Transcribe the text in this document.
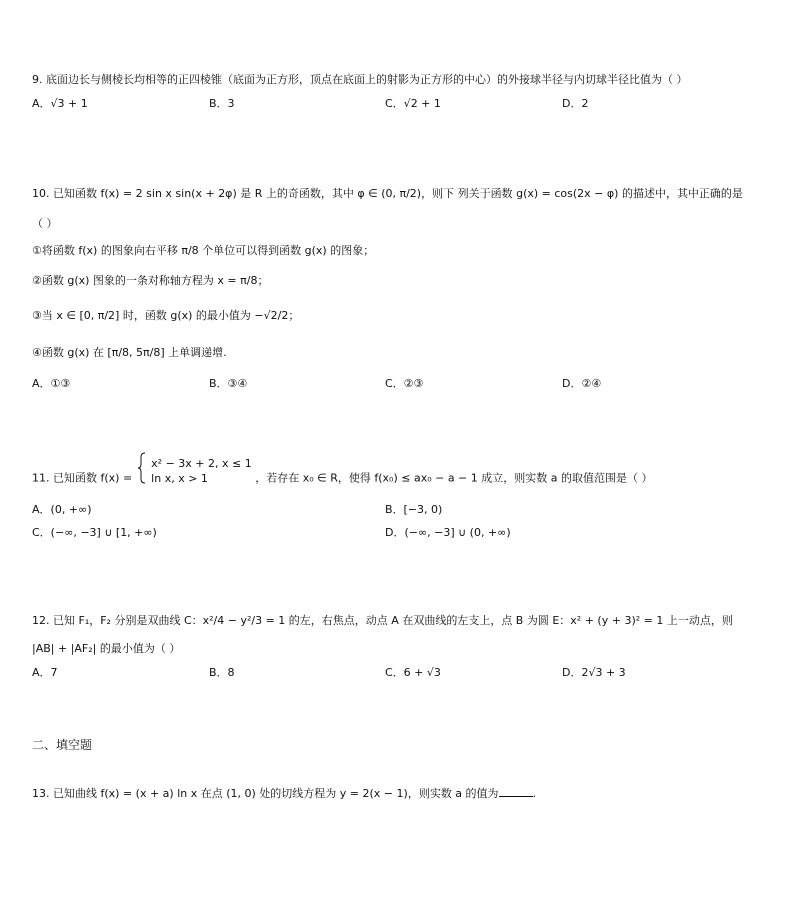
9. 底面边长与侧棱长均相等的正四棱锥（底面为正方形，顶点在底面上的射影为正方形的中心）的外接球半径与内切球半径比值为（ ）
A．√3 + 1	B．3	C．√2 + 1	D．2
10. 已知函数 f(x) = 2 sin x sin(x + 2φ) 是 R 上的奇函数，其中 φ ∈ (0, π/2)，则下 列关于函数 g(x) = cos(2x − φ) 的描述中，其中正确的是
（ ）
①将函数 f(x) 的图象向右平移 π/8 个单位可以得到函数 g(x) 的图象；
②函数 g(x) 图象的一条对称轴方程为 x = π/8；
③当 x ∈ [0, π/2] 时，函数 g(x) 的最小值为 −√2/2；
④函数 g(x) 在 [π/8, 5π/8] 上单调递增.
A．①③	B．③④	C．②③	D．②④
11. 已知函数 f(x) =
x² − 3x + 2, x ≤ 1
ln x, x > 1	，若存在 x₀ ∈ R，使得 f(x₀) ≤ ax₀ − a − 1 成立，则实数 a 的取值范围是（ ）
A．(0, +∞)	B．[−3, 0)
C．(−∞, −3] ∪ [1, +∞)	D．(−∞, −3] ∪ (0, +∞)
12. 已知 F₁，F₂ 分别是双曲线 C：x²/4 − y²/3 = 1 的左，右焦点，动点 A 在双曲线的左支上，点 B 为圆 E：x² + (y + 3)² = 1 上一动点，则
|AB| + |AF₂| 的最小值为（ ）
A．7	B．8	C．6 + √3	D．2√3 + 3
二、填空题
13. 已知曲线 f(x) = (x + a) ln x 在点 (1, 0) 处的切线方程为 y = 2(x − 1)，则实数 a 的值为	.
